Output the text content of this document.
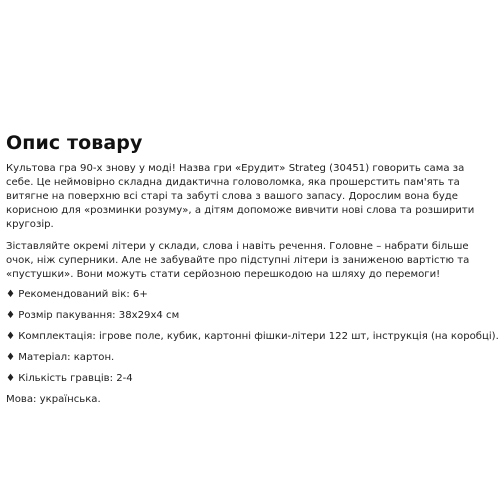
Опис товару

Культова гра 90-х знову у моді! Назва гри «Ерудит» Strateg (30451) говорить сама за себе. Це неймовірно складна дидактична головоломка, яка прошерстить пам'ять та витягне на поверхню всі старі та забуті слова з вашого запасу. Дорослим вона буде корисною для «розминки розуму», а дітям допоможе вивчити нові слова та розширити кругозір.

Зіставляйте окремі літери у склади, слова і навіть речення. Головне – набрати більше очок, ніж суперники. Але не забувайте про підступні літери із заниженою вартістю та «пустушки». Вони можуть стати серйозною перешкодою на шляху до перемоги!

♦ Рекомендований вік: 6+

♦ Розмір пакування: 38x29x4 см

♦ Комплектація: ігрове поле, кубик, картонні фішки-літери 122 шт, інструкція (на коробці).

♦ Матеріал: картон.

♦ Кількість гравців: 2-4

Мова: українська.
